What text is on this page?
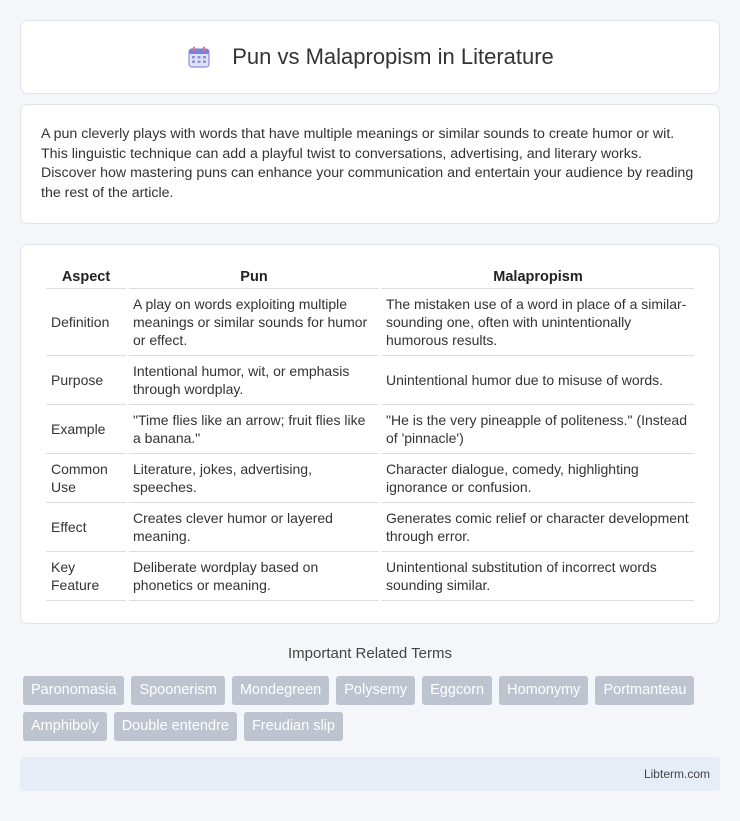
Pun vs Malapropism in Literature

A pun cleverly plays with words that have multiple meanings or similar sounds to create humor or wit. This linguistic technique can add a playful twist to conversations, advertising, and literary works. Discover how mastering puns can enhance your communication and entertain your audience by reading the rest of the article.

Aspect	Pun	Malapropism
Definition	A play on words exploiting multiple meanings or similar sounds for humor or effect.	The mistaken use of a word in place of a similar-sounding one, often with unintentionally humorous results.
Purpose	Intentional humor, wit, or emphasis through wordplay.	Unintentional humor due to misuse of words.
Example	"Time flies like an arrow; fruit flies like a banana."	"He is the very pineapple of politeness." (Instead of 'pinnacle')
Common Use	Literature, jokes, advertising, speeches.	Character dialogue, comedy, highlighting ignorance or confusion.
Effect	Creates clever humor or layered meaning.	Generates comic relief or character development through error.
Key Feature	Deliberate wordplay based on phonetics or meaning.	Unintentional substitution of incorrect words sounding similar.
Important Related Terms
Paronomasia	Spoonerism	Mondegreen	Polysemy	Eggcorn	Homonymy	Portmanteau
Amphiboly	Double entendre	Freudian slip
Libterm.com
